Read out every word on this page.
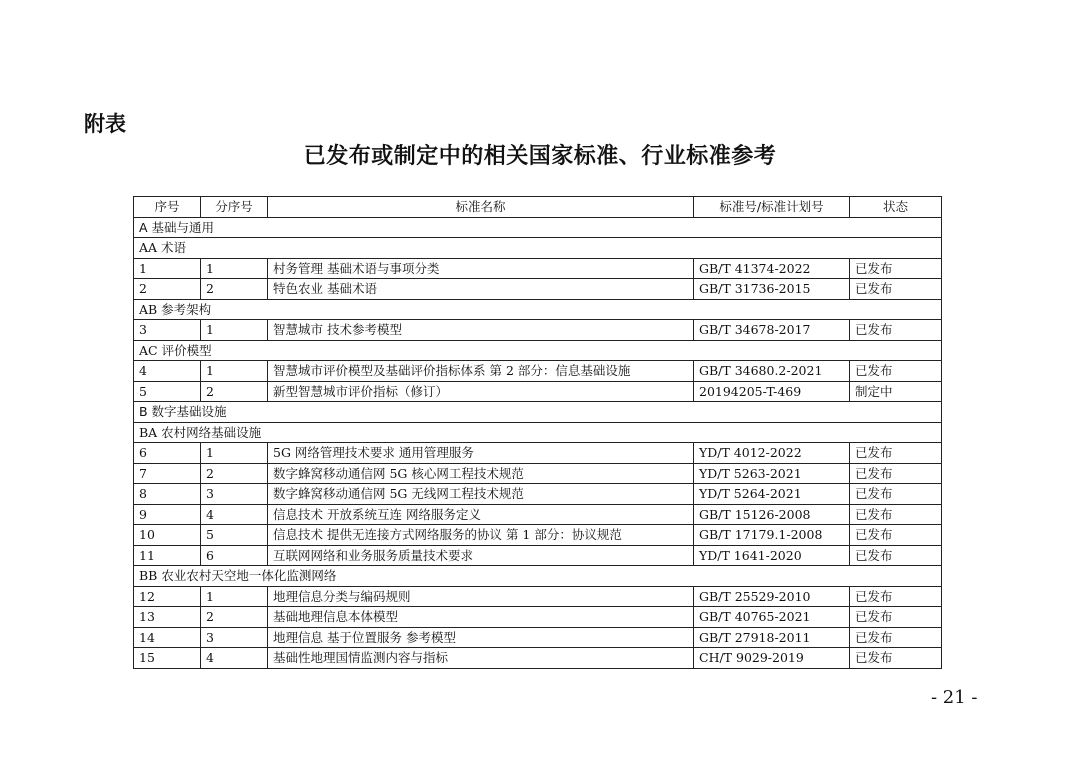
附表
已发布或制定中的相关国家标准、行业标准参考
序号	分序号	标准名称	标准号/标准计划号	状态
A 基础与通用				
AA 术语				
1	1	村务管理 基础术语与事项分类	GB/T 41374-2022	已发布
2	2	特色农业 基础术语	GB/T 31736-2015	已发布
AB 参考架构				
3	1	智慧城市 技术参考模型	GB/T 34678-2017	已发布
AC 评价模型				
4	1	智慧城市评价模型及基础评价指标体系 第 2 部分：信息基础设施	GB/T 34680.2-2021	已发布
5	2	新型智慧城市评价指标（修订）	20194205-T-469	制定中
B 数字基础设施				
BA 农村网络基础设施				
6	1	5G 网络管理技术要求 通用管理服务	YD/T 4012-2022	已发布
7	2	数字蜂窝移动通信网 5G 核心网工程技术规范	YD/T 5263-2021	已发布
8	3	数字蜂窝移动通信网 5G 无线网工程技术规范	YD/T 5264-2021	已发布
9	4	信息技术 开放系统互连 网络服务定义	GB/T 15126-2008	已发布
10	5	信息技术 提供无连接方式网络服务的协议 第 1 部分：协议规范	GB/T 17179.1-2008	已发布
11	6	互联网网络和业务服务质量技术要求	YD/T 1641-2020	已发布
BB 农业农村天空地一体化监测网络				
12	1	地理信息分类与编码规则	GB/T 25529-2010	已发布
13	2	基础地理信息本体模型	GB/T 40765-2021	已发布
14	3	地理信息 基于位置服务 参考模型	GB/T 27918-2011	已发布
15	4	基础性地理国情监测内容与指标	CH/T 9029-2019	已发布
- 21 -
